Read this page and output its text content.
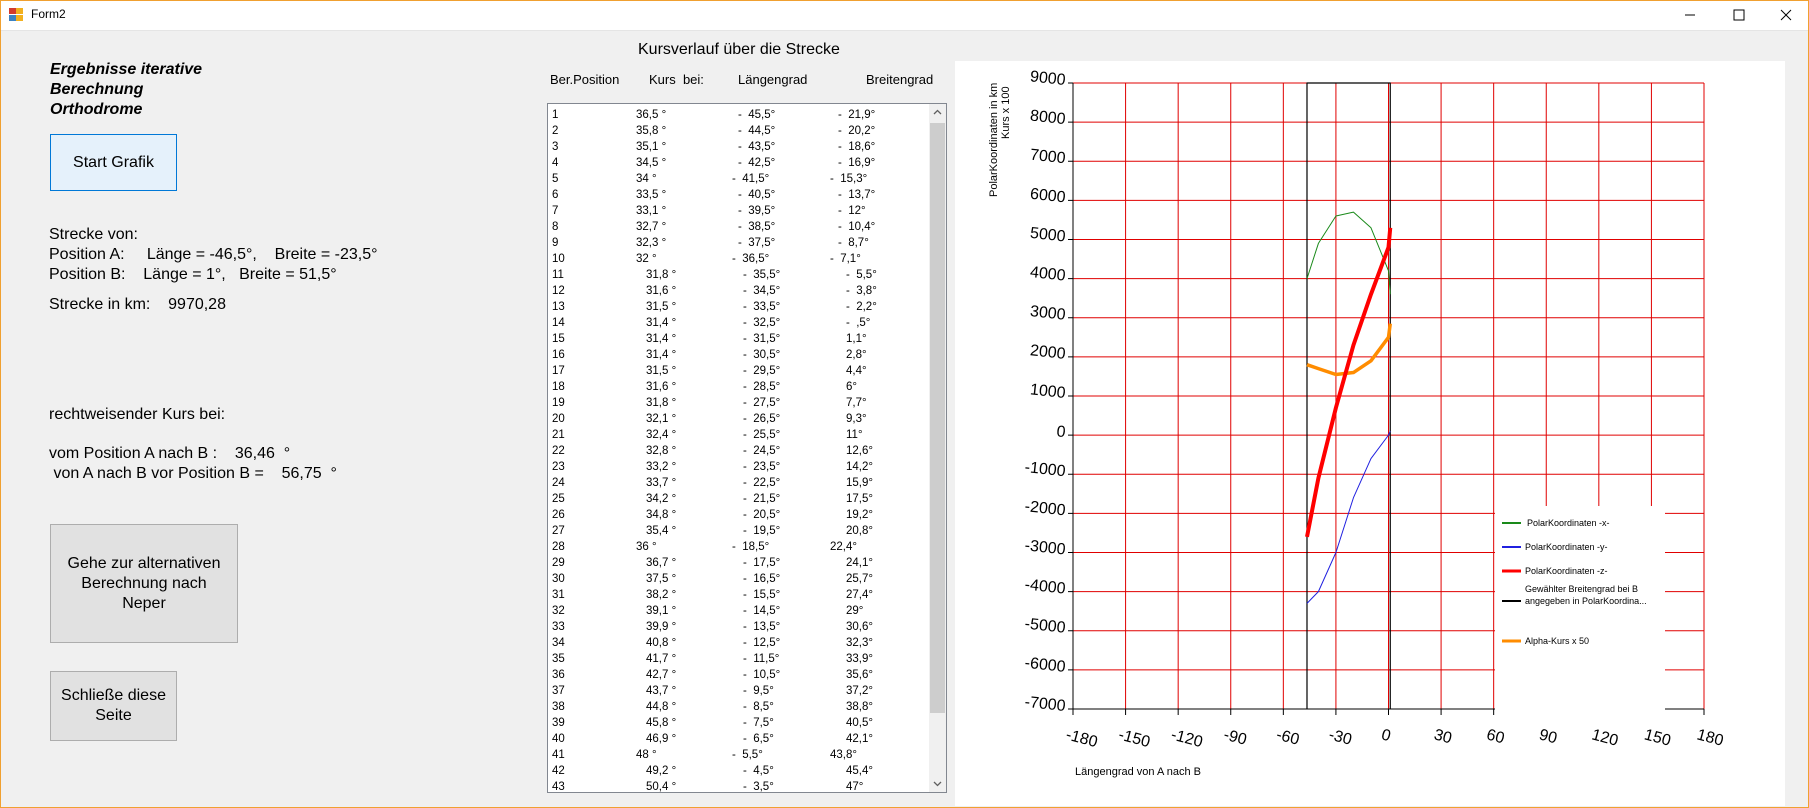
Form2
Ergebnisse iterative
Berechnung
Orthodrome
Start Grafik
Strecke von:
Position A:     Länge = -46,5°,    Breite = -23,5°
Position B:    Länge = 1°,   Breite = 51,5°
Strecke in km:    9970,28
rechtweisender Kurs bei:
vom Position A nach B :    36,46  °
von A nach B vor Position B =    56,75  °
Gehe zur alternativen
Berechnung nach
Neper
Schließe diese
Seite
Kursverlauf über die Strecke
Ber.Position Kurs  bei:	Längengrad	Breitengrad
1	36,5 °	-  45,5°	-  21,9°
2	35,8 °	-  44,5°	-  20,2°
3	35,1 °	-  43,5°	-  18,6°
4	34,5 °	-  42,5°	-  16,9°
5	34 °	-  41,5°	-  15,3°
6	33,5 °	-  40,5°	-  13,7°
7	33,1 °	-  39,5°	-  12°
8	32,7 °	-  38,5°	-  10,4°
9	32,3 °	-  37,5°	-  8,7°
10	32 °	-  36,5°	-  7,1°
11	31,8 °	-  35,5°	-  5,5°
12	31,6 °	-  34,5°	-  3,8°
13	31,5 °	-  33,5°	-  2,2°
14	31,4 °	-  32,5°	-  ,5°
15	31,4 °	-  31,5°	1,1°
16	31,4 °	-  30,5°	2,8°
17	31,5 °	-  29,5°	4,4°
18	31,6 °	-  28,5°	6°
19	31,8 °	-  27,5°	7,7°
20	32,1 °	-  26,5°	9,3°
21	32,4 °	-  25,5°	11°
22	32,8 °	-  24,5°	12,6°
23	33,2 °	-  23,5°	14,2°
24	33,7 °	-  22,5°	15,9°
25	34,2 °	-  21,5°	17,5°
26	34,8 °	-  20,5°	19,2°
27	35,4 °	-  19,5°	20,8°
28	36 °	-  18,5°	22,4°
29	36,7 °	-  17,5°	24,1°
30	37,5 °	-  16,5°	25,7°
31	38,2 °	-  15,5°	27,4°
32	39,1 °	-  14,5°	29°
33	39,9 °	-  13,5°	30,6°
34	40,8 °	-  12,5°	32,3°
35	41,7 °	-  11,5°	33,9°
36	42,7 °	-  10,5°	35,6°
37	43,7 °	-  9,5°	37,2°
38	44,8 °	-  8,5°	38,8°
39	45,8 °	-  7,5°	40,5°
40	46,9 °	-  6,5°	42,1°
41	48 °	-  5,5°	43,8°
42	49,2 °	-  4,5°	45,4°
43	50,4 °	-  3,5°	47°
-180 -150 -120 -90 -60 -30 0 30 60 90 120 150 180
9000
8000
7000
6000
5000
4000
3000
2000
1000
0
-1000
-2000
-3000
-4000
-5000
-6000
-7000
Längengrad von A nach B
PolarKoordinaten in km Kurs x 100
PolarKoordinaten -x-
PolarKoordinaten -y-
PolarKoordinaten -z-
Gewählter Breitengrad bei B
angegeben in PolarKoordina...
Alpha-Kurs x 50
